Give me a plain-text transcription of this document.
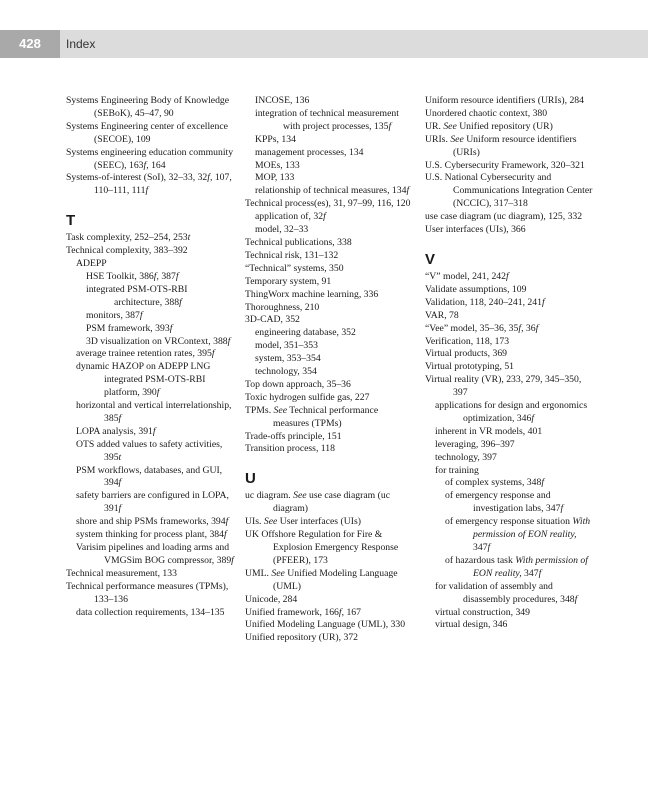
428	Index
Systems Engineering Body of Knowledge (SEBoK), 45–47, 90
Systems Engineering center of excellence (SECOE), 109
Systems engineering education community (SEEC), 163f, 164
Systems-of-interest (SoI), 32–33, 32f, 107, 110–111, 111f
T
Task complexity, 252–254, 253t
Technical complexity, 383–392
ADEPP
HSE Toolkit, 386f, 387f
integrated PSM-OTS-RBI architecture, 388f
monitors, 387f
PSM framework, 393f
3D visualization on VRContext, 388f
average trainee retention rates, 395f
dynamic HAZOP on ADEPP LNG integrated PSM-OTS-RBI platform, 390f
horizontal and vertical interrelationship, 385f
LOPA analysis, 391f
OTS added values to safety activities, 395t
PSM workflows, databases, and GUI, 394f
safety barriers are configured in LOPA, 391f
shore and ship PSMs frameworks, 394f
system thinking for process plant, 384f
Varisim pipelines and loading arms and VMGSim BOG compressor, 389f
Technical measurement, 133
Technical performance measures (TPMs), 133–136
data collection requirements, 134–135
INCOSE, 136
integration of technical measurement with project processes, 135f
KPPs, 134
management processes, 134
MOEs, 133
MOP, 133
relationship of technical measures, 134f
Technical process(es), 31, 97–99, 116, 120
application of, 32f
model, 32–33
Technical publications, 338
Technical risk, 131–132
“Technical” systems, 350
Temporary system, 91
ThingWorx machine learning, 336
Thoroughness, 210
3D-CAD, 352
engineering database, 352
model, 351–353
system, 353–354
technology, 354
Top down approach, 35–36
Toxic hydrogen sulfide gas, 227
TPMs. See Technical performance measures (TPMs)
Trade-offs principle, 151
Transition process, 118
U
uc diagram. See use case diagram (uc diagram)
UIs. See User interfaces (UIs)
UK Offshore Regulation for Fire & Explosion Emergency Response (PFEER), 173
UML. See Unified Modeling Language (UML)
Unicode, 284
Unified framework, 166f, 167
Unified Modeling Language (UML), 330
Unified repository (UR), 372
Uniform resource identifiers (URIs), 284
Unordered chaotic context, 380
UR. See Unified repository (UR)
URIs. See Uniform resource identifiers (URIs)
U.S. Cybersecurity Framework, 320–321
U.S. National Cybersecurity and Communications Integration Center (NCCIC), 317–318
use case diagram (uc diagram), 125, 332
User interfaces (UIs), 366
V
“V” model, 241, 242f
Validate assumptions, 109
Validation, 118, 240–241, 241f
VAR, 78
“Vee” model, 35–36, 35f, 36f
Verification, 118, 173
Virtual products, 369
Virtual prototyping, 51
Virtual reality (VR), 233, 279, 345–350, 397
applications for design and ergonomics optimization, 346f
inherent in VR models, 401
leveraging, 396–397
technology, 397
for training
of complex systems, 348f
of emergency response and investigation labs, 347f
of emergency response situation With permission of EON reality, 347f
of hazardous task With permission of EON reality, 347f
for validation of assembly and disassembly procedures, 348f
virtual construction, 349
virtual design, 346
